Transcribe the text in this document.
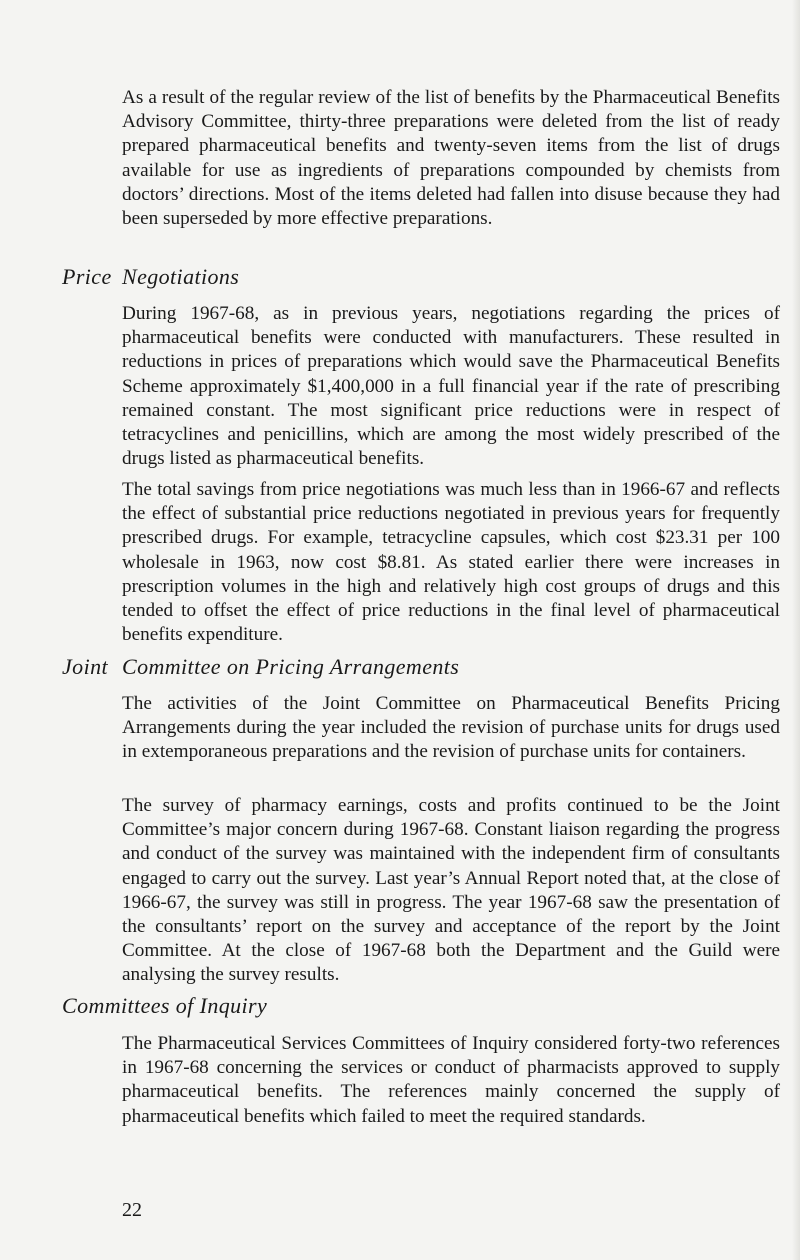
As a result of the regular review of the list of benefits by the Pharmaceutical Benefits Advisory Committee, thirty-three preparations were deleted from the list of ready prepared pharmaceutical benefits and twenty-seven items from the list of drugs available for use as ingredients of preparations compounded by chemists from doctors’ directions. Most of the items deleted had fallen into disuse because they had been superseded by more effective preparations.

Price Negotiations

During 1967-68, as in previous years, negotiations regarding the prices of pharmaceutical benefits were conducted with manufacturers. These resulted in reductions in prices of preparations which would save the Pharmaceutical Benefits Scheme approximately $1,400,000 in a full financial year if the rate of prescribing remained constant. The most significant price reductions were in respect of tetracyclines and penicillins, which are among the most widely prescribed of the drugs listed as pharmaceutical benefits.

The total savings from price negotiations was much less than in 1966-67 and reflects the effect of substantial price reductions negotiated in previous years for frequently prescribed drugs. For example, tetracycline capsules, which cost $23.31 per 100 wholesale in 1963, now cost $8.81. As stated earlier there were increases in prescription volumes in the high and relatively high cost groups of drugs and this tended to offset the effect of price reductions in the final level of pharmaceutical benefits expenditure.

Joint Committee on Pricing Arrangements

The activities of the Joint Committee on Pharmaceutical Benefits Pricing Arrangements during the year included the revision of purchase units for drugs used in extemporaneous preparations and the revision of purchase units for containers.

The survey of pharmacy earnings, costs and profits continued to be the Joint Committee’s major concern during 1967-68. Constant liaison regarding the progress and conduct of the survey was maintained with the independent firm of consultants engaged to carry out the survey. Last year’s Annual Report noted that, at the close of 1966-67, the survey was still in progress. The year 1967-68 saw the presentation of the consultants’ report on the survey and acceptance of the report by the Joint Committee. At the close of 1967-68 both the Department and the Guild were analysing the survey results.

Committees of Inquiry

The Pharmaceutical Services Committees of Inquiry considered forty-two references in 1967-68 concerning the services or conduct of pharmacists approved to supply pharmaceutical benefits. The references mainly concerned the supply of pharmaceutical benefits which failed to meet the required standards.

22
